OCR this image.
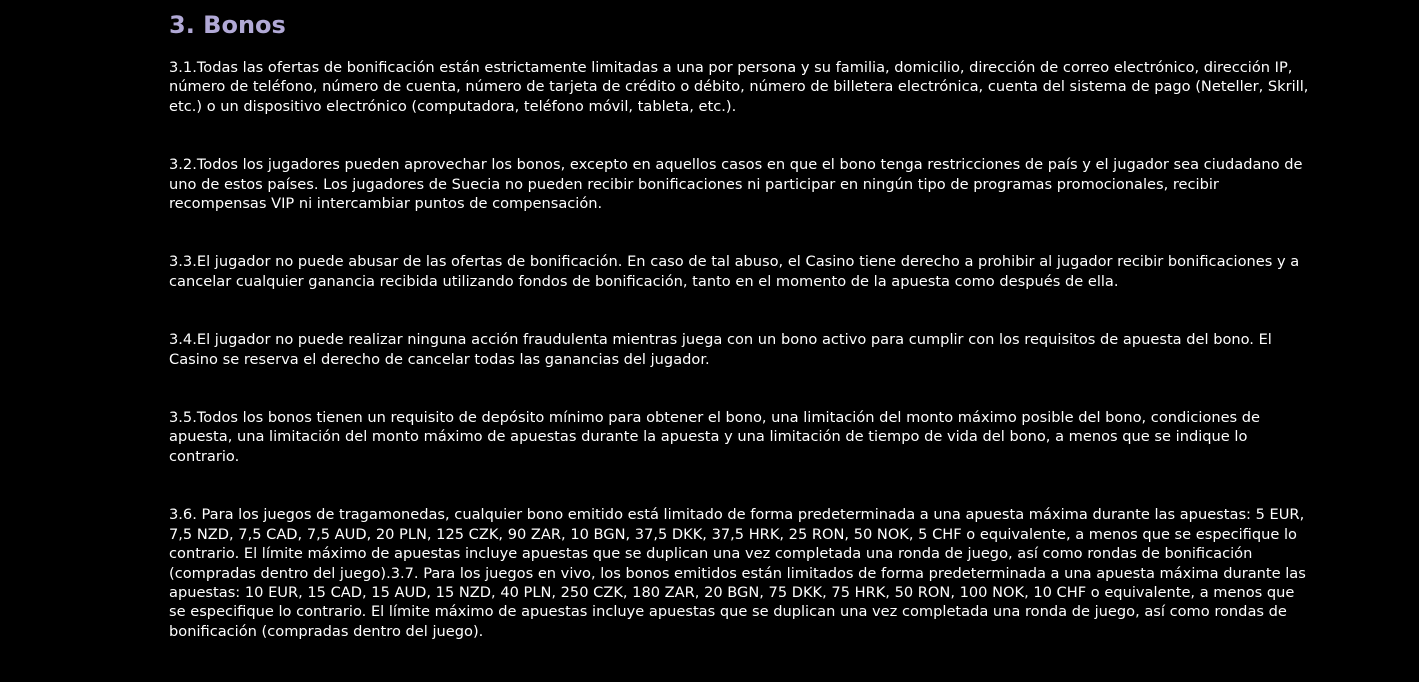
3. Bonos

3.1.Todas las ofertas de bonificación están estrictamente limitadas a una por persona y su familia, domicilio, dirección de correo electrónico, dirección IP, número de teléfono, número de cuenta, número de tarjeta de crédito o débito, número de billetera electrónica, cuenta del sistema de pago (Neteller, Skrill, etc.) o un dispositivo electrónico (computadora, teléfono móvil, tableta, etc.).

3.2.Todos los jugadores pueden aprovechar los bonos, excepto en aquellos casos en que el bono tenga restricciones de país y el jugador sea ciudadano de uno de estos países. Los jugadores de Suecia no pueden recibir bonificaciones ni participar en ningún tipo de programas promocionales, recibir recompensas VIP ni intercambiar puntos de compensación.

3.3.El jugador no puede abusar de las ofertas de bonificación. En caso de tal abuso, el Casino tiene derecho a prohibir al jugador recibir bonificaciones y a cancelar cualquier ganancia recibida utilizando fondos de bonificación, tanto en el momento de la apuesta como después de ella.

3.4.El jugador no puede realizar ninguna acción fraudulenta mientras juega con un bono activo para cumplir con los requisitos de apuesta del bono. El Casino se reserva el derecho de cancelar todas las ganancias del jugador.

3.5.Todos los bonos tienen un requisito de depósito mínimo para obtener el bono, una limitación del monto máximo posible del bono, condiciones de apuesta, una limitación del monto máximo de apuestas durante la apuesta y una limitación de tiempo de vida del bono, a menos que se indique lo contrario.

3.6. Para los juegos de tragamonedas, cualquier bono emitido está limitado de forma predeterminada a una apuesta máxima durante las apuestas: 5 EUR, 7,5 NZD, 7,5 CAD, 7,5 AUD, 20 PLN, 125 CZK, 90 ZAR, 10 BGN, 37,5 DKK, 37,5 HRK, 25 RON, 50 NOK, 5 CHF o equivalente, a menos que se especifique lo contrario. El límite máximo de apuestas incluye apuestas que se duplican una vez completada una ronda de juego, así como rondas de bonificación (compradas dentro del juego).3.7. Para los juegos en vivo, los bonos emitidos están limitados de forma predeterminada a una apuesta máxima durante las apuestas: 10 EUR, 15 CAD, 15 AUD, 15 NZD, 40 PLN, 250 CZK, 180 ZAR, 20 BGN, 75 DKK, 75 HRK, 50 RON, 100 NOK, 10 CHF o equivalente, a menos que se especifique lo contrario. El límite máximo de apuestas incluye apuestas que se duplican una vez completada una ronda de juego, así como rondas de bonificación (compradas dentro del juego).
